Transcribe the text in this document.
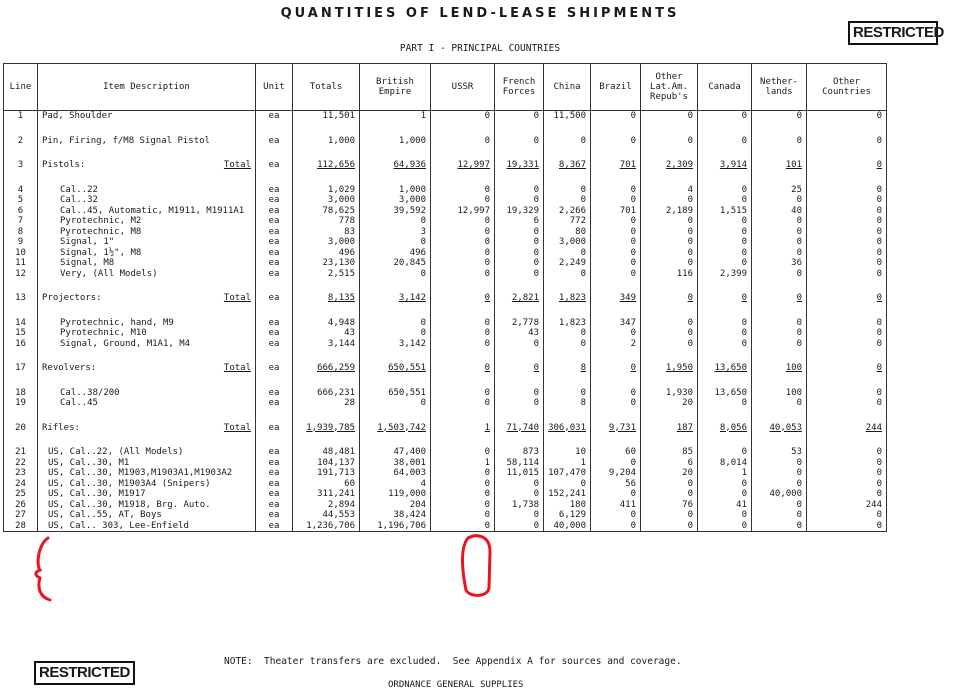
QUANTITIES OF LEND-LEASE SHIPMENTS
RESTRICTED
PART I - PRINCIPAL COUNTRIES
Line	Item Description	Unit	Totals	British Empire	USSR	French Forces	China	Brazil	Other Lat.Am. Repub's	Canada	Nether- lands	Other Countries
1	Pad, Shoulder	ea	11,501	1	0	0	11,500	0	0	0	0	0

2	Pin, Firing, f/M8 Signal Pistol	ea	1,000	1,000	0	0	0	0	0	0	0	0

3	Pistols: Total	ea	112,656	64,936	12,997	19,331	8,367	701	2,309	3,914	101	0

4	Cal..22	ea	1,029	1,000	0	0	0	0	4	0	25	0
5	Cal..32	ea	3,000	3,000	0	0	0	0	0	0	0	0
6	Cal..45, Automatic, M1911, M1911A1	ea	78,625	39,592	12,997	19,329	2,266	701	2,189	1,515	40	0
7	Pyrotechnic, M2	ea	778	0	0	6	772	0	0	0	0	0
8	Pyrotechnic, M8	ea	83	3	0	0	80	0	0	0	0	0
9	Signal, 1"	ea	3,000	0	0	0	3,000	0	0	0	0	0
10	Signal, 1½", M8	ea	496	496	0	0	0	0	0	0	0	0
11	Signal, M8	ea	23,130	20,845	0	0	2,249	0	0	0	36	0
12	Very, (All Models)	ea	2,515	0	0	0	0	0	116	2,399	0	0

13	Projectors: Total	ea	8,135	3,142	0	2,821	1,823	349	0	0	0	0

14	Pyrotechnic, hand, M9	ea	4,948	0	0	2,778	1,823	347	0	0	0	0
15	Pyrotechnic, M10	ea	43	0	0	43	0	0	0	0	0	0
16	Signal, Ground, M1A1, M4	ea	3,144	3,142	0	0	0	2	0	0	0	0

17	Revolvers: Total	ea	666,259	650,551	0	0	8	0	1,950	13,650	100	0

18	Cal..38/200	ea	666,231	650,551	0	0	0	0	1,930	13,650	100	0
19	Cal..45	ea	28	0	0	0	8	0	20	0	0	0

20	Rifles: Total	ea	1,939,785	1,503,742	1	71,740	306,031	9,731	187	8,056	40,053	244

21	US, Cal..22, (All Models)	ea	48,481	47,400	0	873	10	60	85	0	53	0
22	US, Cal..30, M1	ea	104,137	38,001	1	58,114	1	0	6	8,014	0	0
23	US, Cal..30, M1903,M1903A1,M1903A2	ea	191,713	64,003	0	11,015	107,470	9,204	20	1	0	0
24	US, Cal..30, M1903A4 (Snipers)	ea	60	4	0	0	0	56	0	0	0	0
25	US, Cal..30, M1917	ea	311,241	119,000	0	0	152,241	0	0	0	40,000	0
26	US, Cal..30, M1918, Brg. Auto.	ea	2,894	204	0	1,738	180	411	76	41	0	244
27	US, Cal..55, AT, Boys	ea	44,553	38,424	0	0	6,129	0	0	0	0	0
28	US, Cal.. 303, Lee-Enfield	ea	1,236,706	1,196,706	0	0	40,000	0	0	0	0	0
RESTRICTED
NOTE:  Theater transfers are excluded.  See Appendix A for sources and coverage.
ORDNANCE GENERAL SUPPLIES
